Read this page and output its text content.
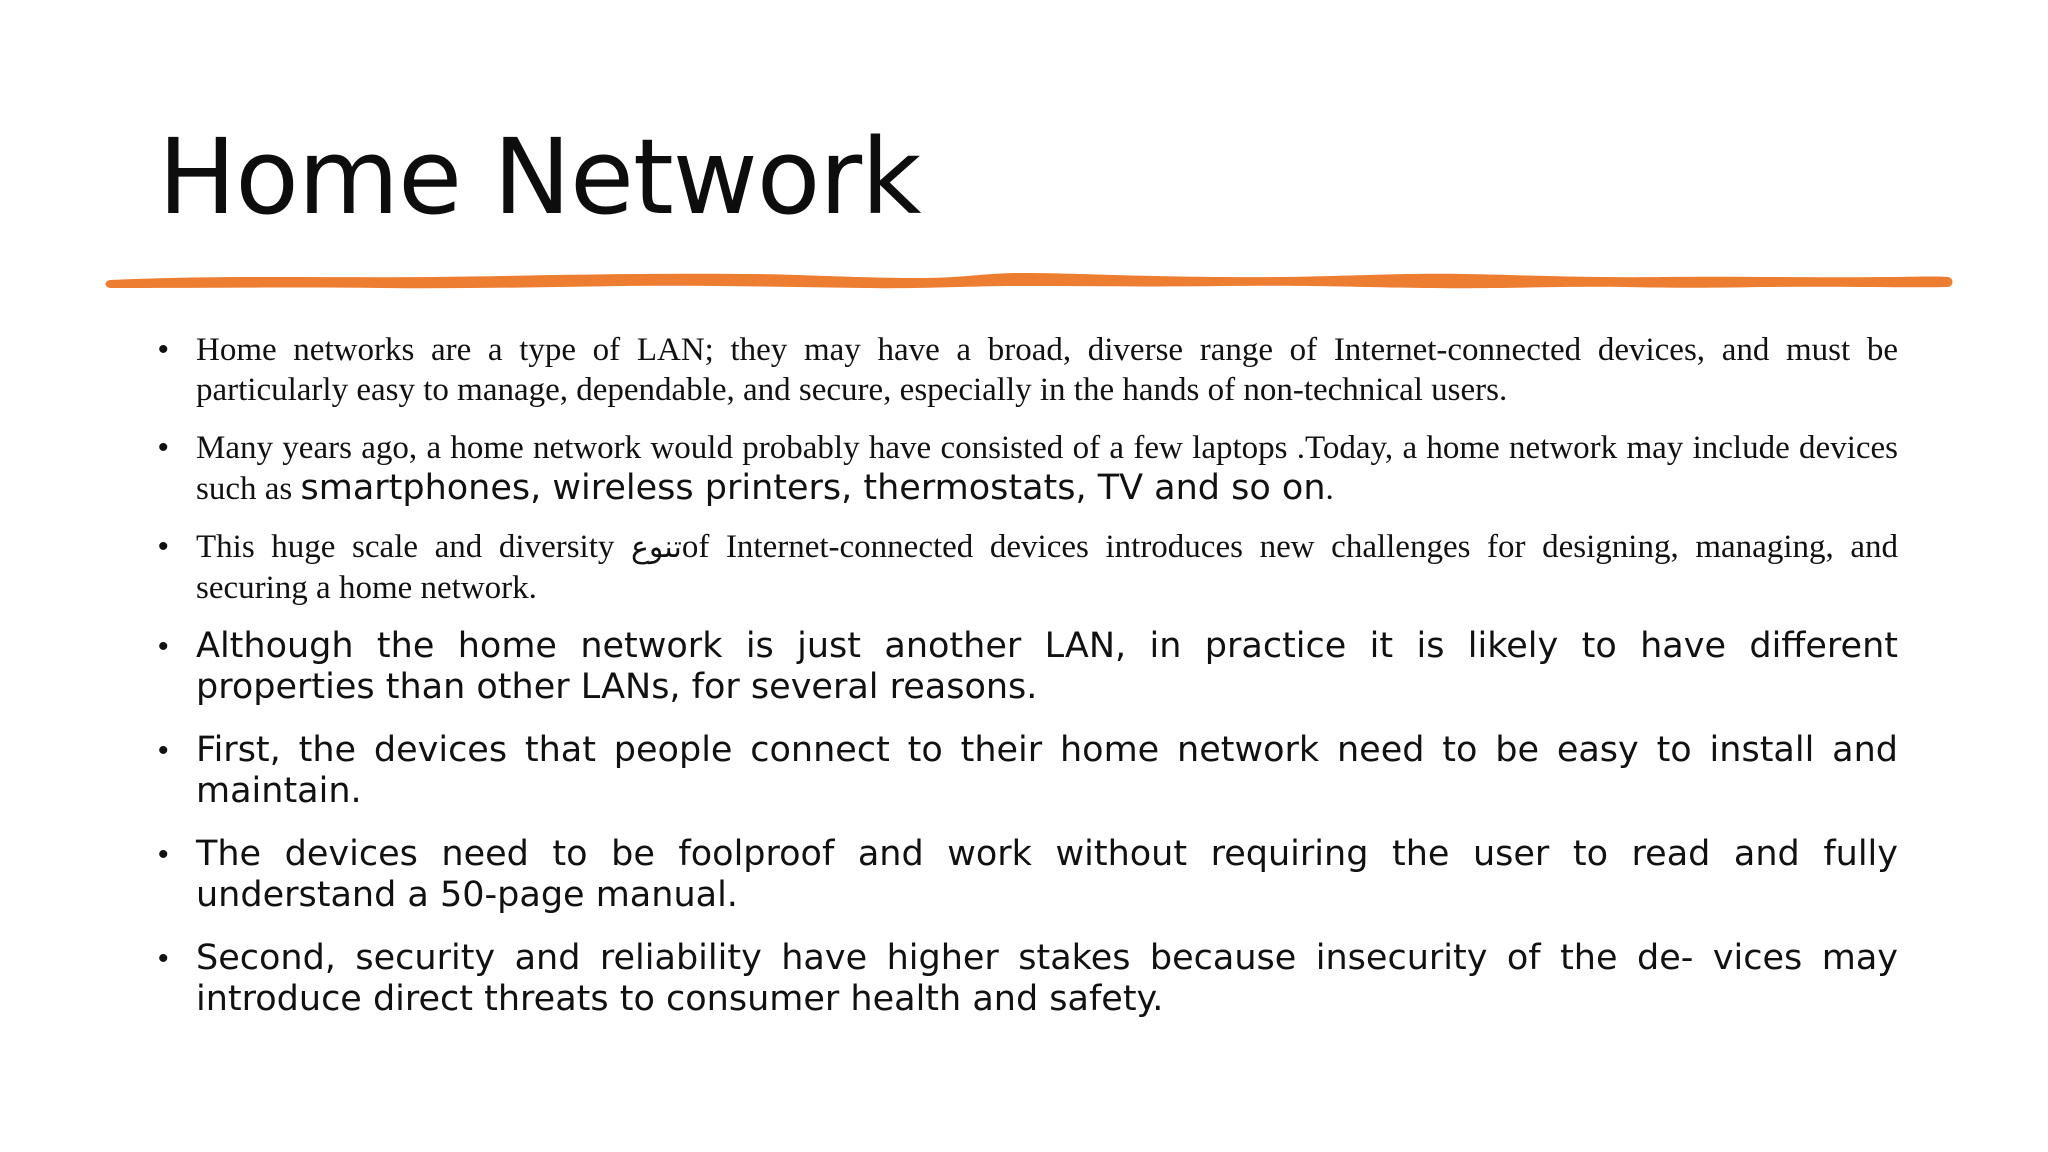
Home Network
• Home networks are a type of LAN; they may have a broad, diverse range of Internet-connected devices, and must be particularly easy to manage, dependable, and secure, especially in the hands of non-technical users.
• Many years ago, a home network would probably have consisted of a few laptops .Today, a home network may include devices such as smartphones, wireless printers, thermostats, TV and so on.
• This huge scale and diversity تنوعof Internet-connected devices introduces new challenges for designing, managing, and securing a home network.
• Although the home network is just another LAN, in practice it is likely to have different properties than other LANs, for several reasons.
• First, the devices that people connect to their home network need to be easy to install and maintain.
• The devices need to be foolproof and work without requiring the user to read and fully understand a 50-page manual.
• Second, security and reliability have higher stakes because insecurity of the de- vices may introduce direct threats to consumer health and safety.
